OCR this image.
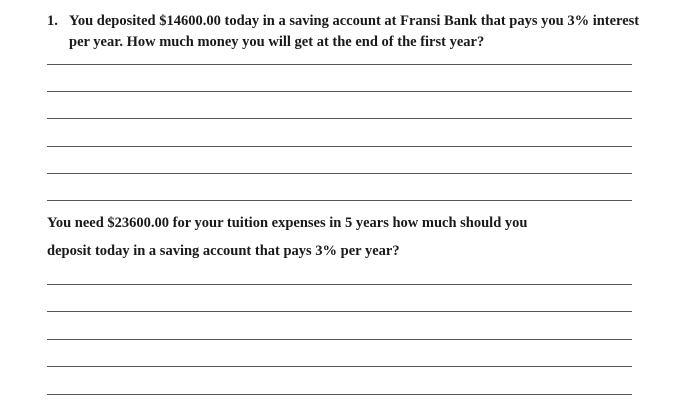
1. You deposited $14600.00 today in a saving account at Fransi Bank that pays you 3% interest per year. How much money you will get at the end of the first year?
You need $23600.00 for your tuition expenses in 5 years how much should you
deposit today in a saving account that pays 3% per year?
